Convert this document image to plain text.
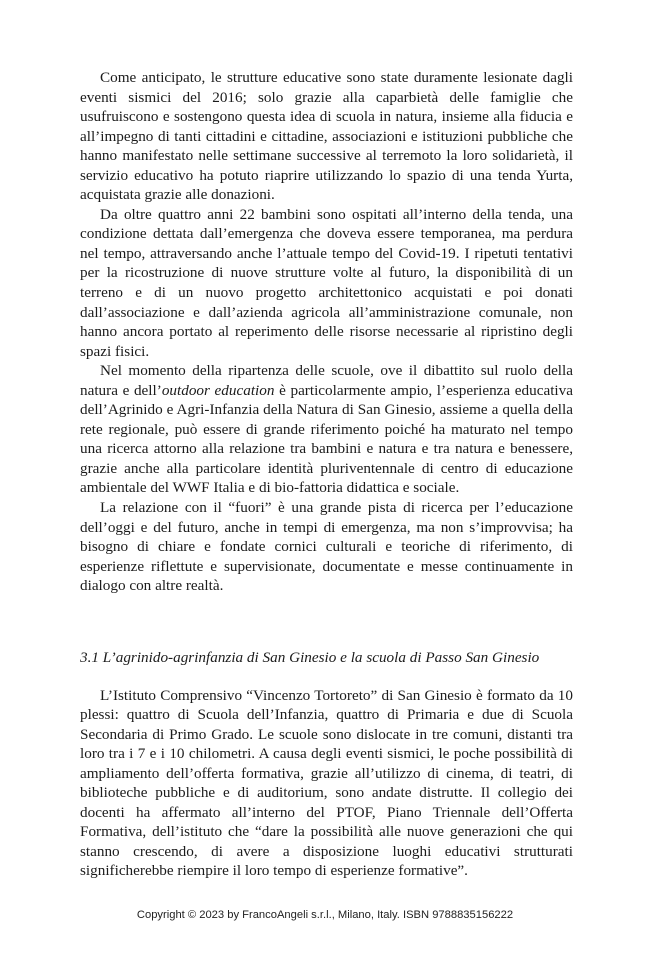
Come anticipato, le strutture educative sono state duramente lesionate dagli eventi sismici del 2016; solo grazie alla caparbietà delle famiglie che usufruiscono e sostengono questa idea di scuola in natura, insieme alla fiducia e all’impegno di tanti cittadini e cittadine, associazioni e istituzioni pubbliche che hanno manifestato nelle settimane successive al terremoto la loro solidarietà, il servizio educativo ha potuto riaprire utilizzando lo spazio di una tenda Yurta, acquistata grazie alle donazioni.

Da oltre quattro anni 22 bambini sono ospitati all’interno della tenda, una condizione dettata dall’emergenza che doveva essere temporanea, ma perdura nel tempo, attraversando anche l’attuale tempo del Covid-19. I ripetuti tentativi per la ricostruzione di nuove strutture volte al futuro, la disponibilità di un terreno e di un nuovo progetto architettonico acquistati e poi donati dall’associazione e dall’azienda agricola all’amministrazione comunale, non hanno ancora portato al reperimento delle risorse necessarie al ripristino degli spazi fisici.

Nel momento della ripartenza delle scuole, ove il dibattito sul ruolo della natura e dell’outdoor education è particolarmente ampio, l’esperienza educativa dell’Agrinido e Agri-Infanzia della Natura di San Ginesio, assieme a quella della rete regionale, può essere di grande riferimento poiché ha maturato nel tempo una ricerca attorno alla relazione tra bambini e natura e tra natura e benessere, grazie anche alla particolare identità pluriventennale di centro di educazione ambientale del WWF Italia e di bio-fattoria didattica e sociale.

La relazione con il “fuori” è una grande pista di ricerca per l’educazione dell’oggi e del futuro, anche in tempi di emergenza, ma non s’improvvisa; ha bisogno di chiare e fondate cornici culturali e teoriche di riferimento, di esperienze riflettute e supervisionate, documentate e messe continuamente in dialogo con altre realtà.

3.1 L’agrinido-agrinfanzia di San Ginesio e la scuola di Passo San Ginesio

L’Istituto Comprensivo “Vincenzo Tortoreto” di San Ginesio è formato da 10 plessi: quattro di Scuola dell’Infanzia, quattro di Primaria e due di Scuola Secondaria di Primo Grado. Le scuole sono dislocate in tre comuni, distanti tra loro tra i 7 e i 10 chilometri. A causa degli eventi sismici, le poche possibilità di ampliamento dell’offerta formativa, grazie all’utilizzo di cinema, di teatri, di biblioteche pubbliche e di auditorium, sono andate distrutte. Il collegio dei docenti ha affermato all’interno del PTOF, Piano Triennale dell’Offerta Formativa, dell’istituto che “dare la possibilità alle nuove generazioni che qui stanno crescendo, di avere a disposizione luoghi educativi strutturati significherebbe riempire il loro tempo di esperienze formative”.

Copyright © 2023 by FrancoAngeli s.r.l., Milano, Italy. ISBN 9788835156222
